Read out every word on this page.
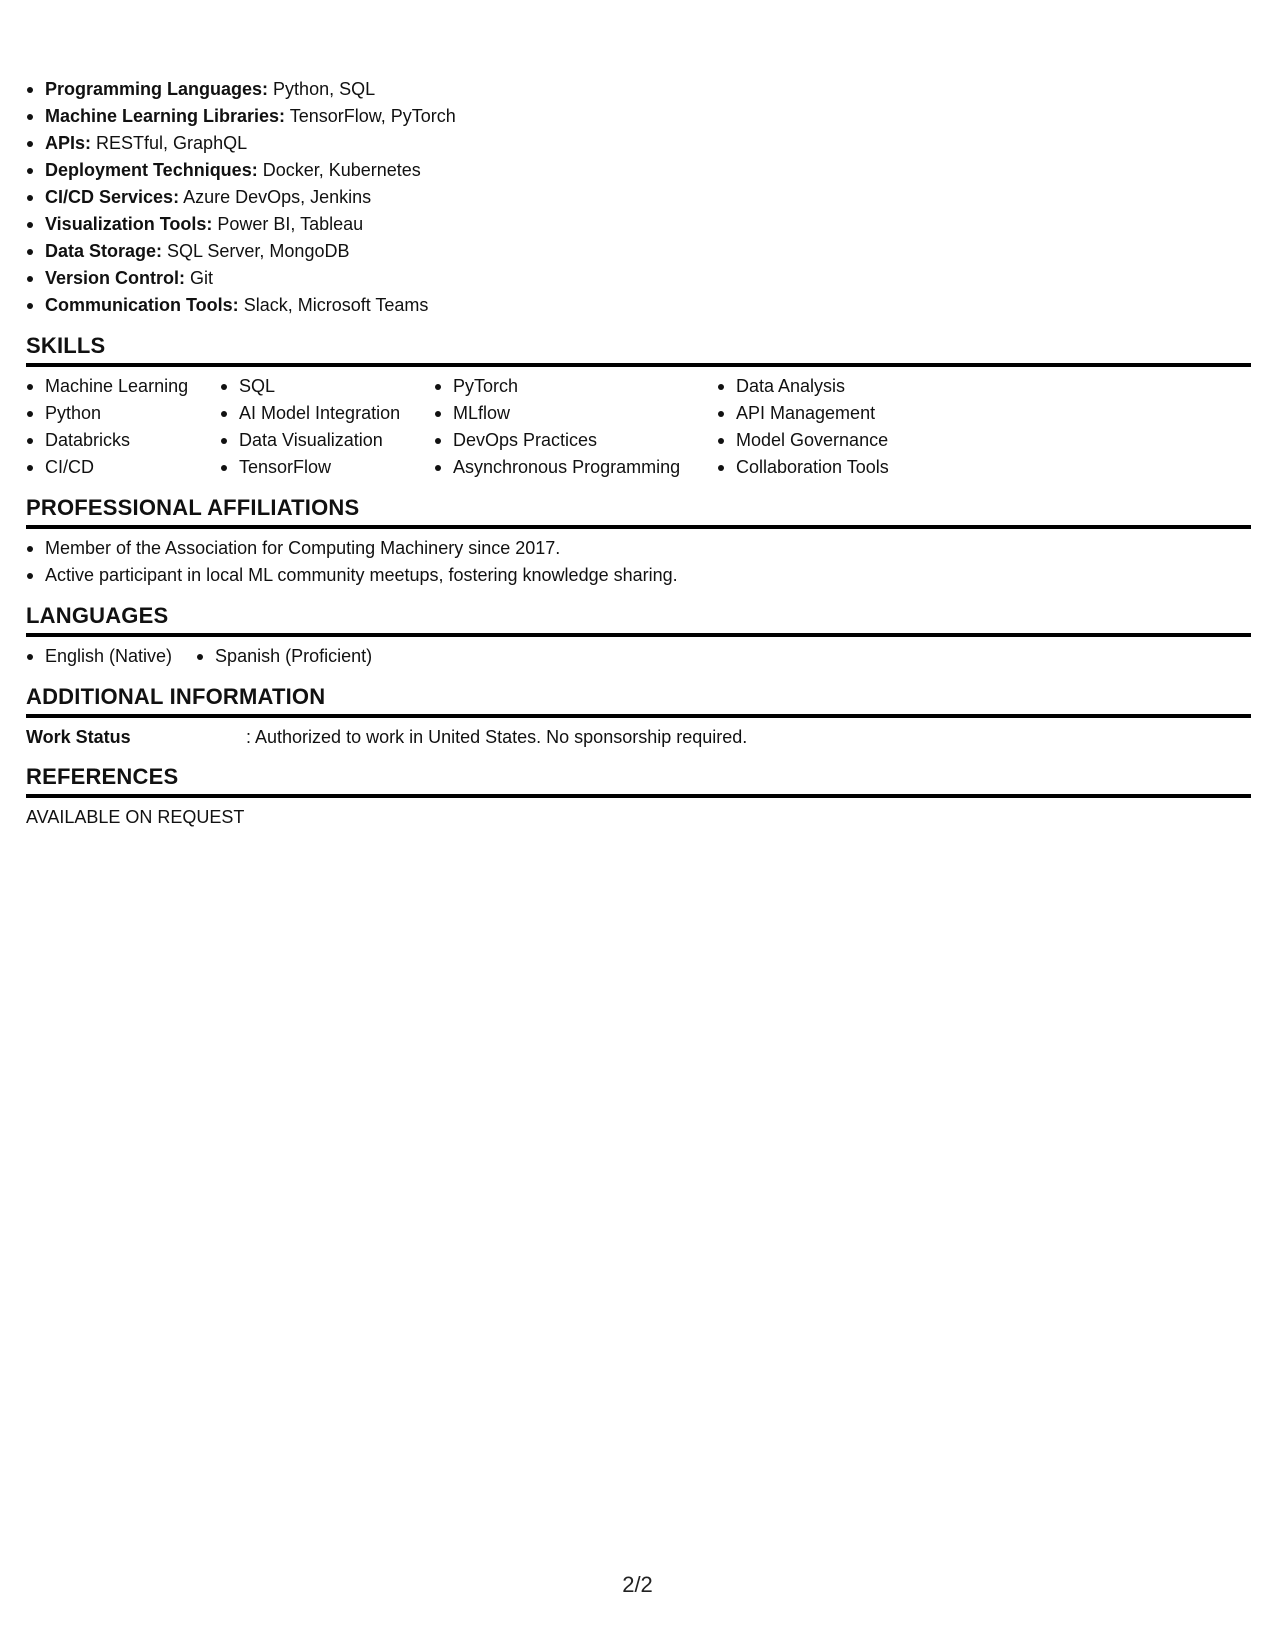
Programming Languages: Python, SQL
Machine Learning Libraries: TensorFlow, PyTorch
APIs: RESTful, GraphQL
Deployment Techniques: Docker, Kubernetes
CI/CD Services: Azure DevOps, Jenkins
Visualization Tools: Power BI, Tableau
Data Storage: SQL Server, MongoDB
Version Control: Git
Communication Tools: Slack, Microsoft Teams
SKILLS
Machine Learning
Python
Databricks
CI/CD
SQL
AI Model Integration
Data Visualization
TensorFlow
PyTorch
MLflow
DevOps Practices
Asynchronous Programming
Data Analysis
API Management
Model Governance
Collaboration Tools
PROFESSIONAL AFFILIATIONS
Member of the Association for Computing Machinery since 2017.
Active participant in local ML community meetups, fostering knowledge sharing.
LANGUAGES
English (Native)	Spanish (Proficient)
ADDITIONAL INFORMATION
Work Status	: Authorized to work in United States. No sponsorship required.
REFERENCES
AVAILABLE ON REQUEST
2/2
